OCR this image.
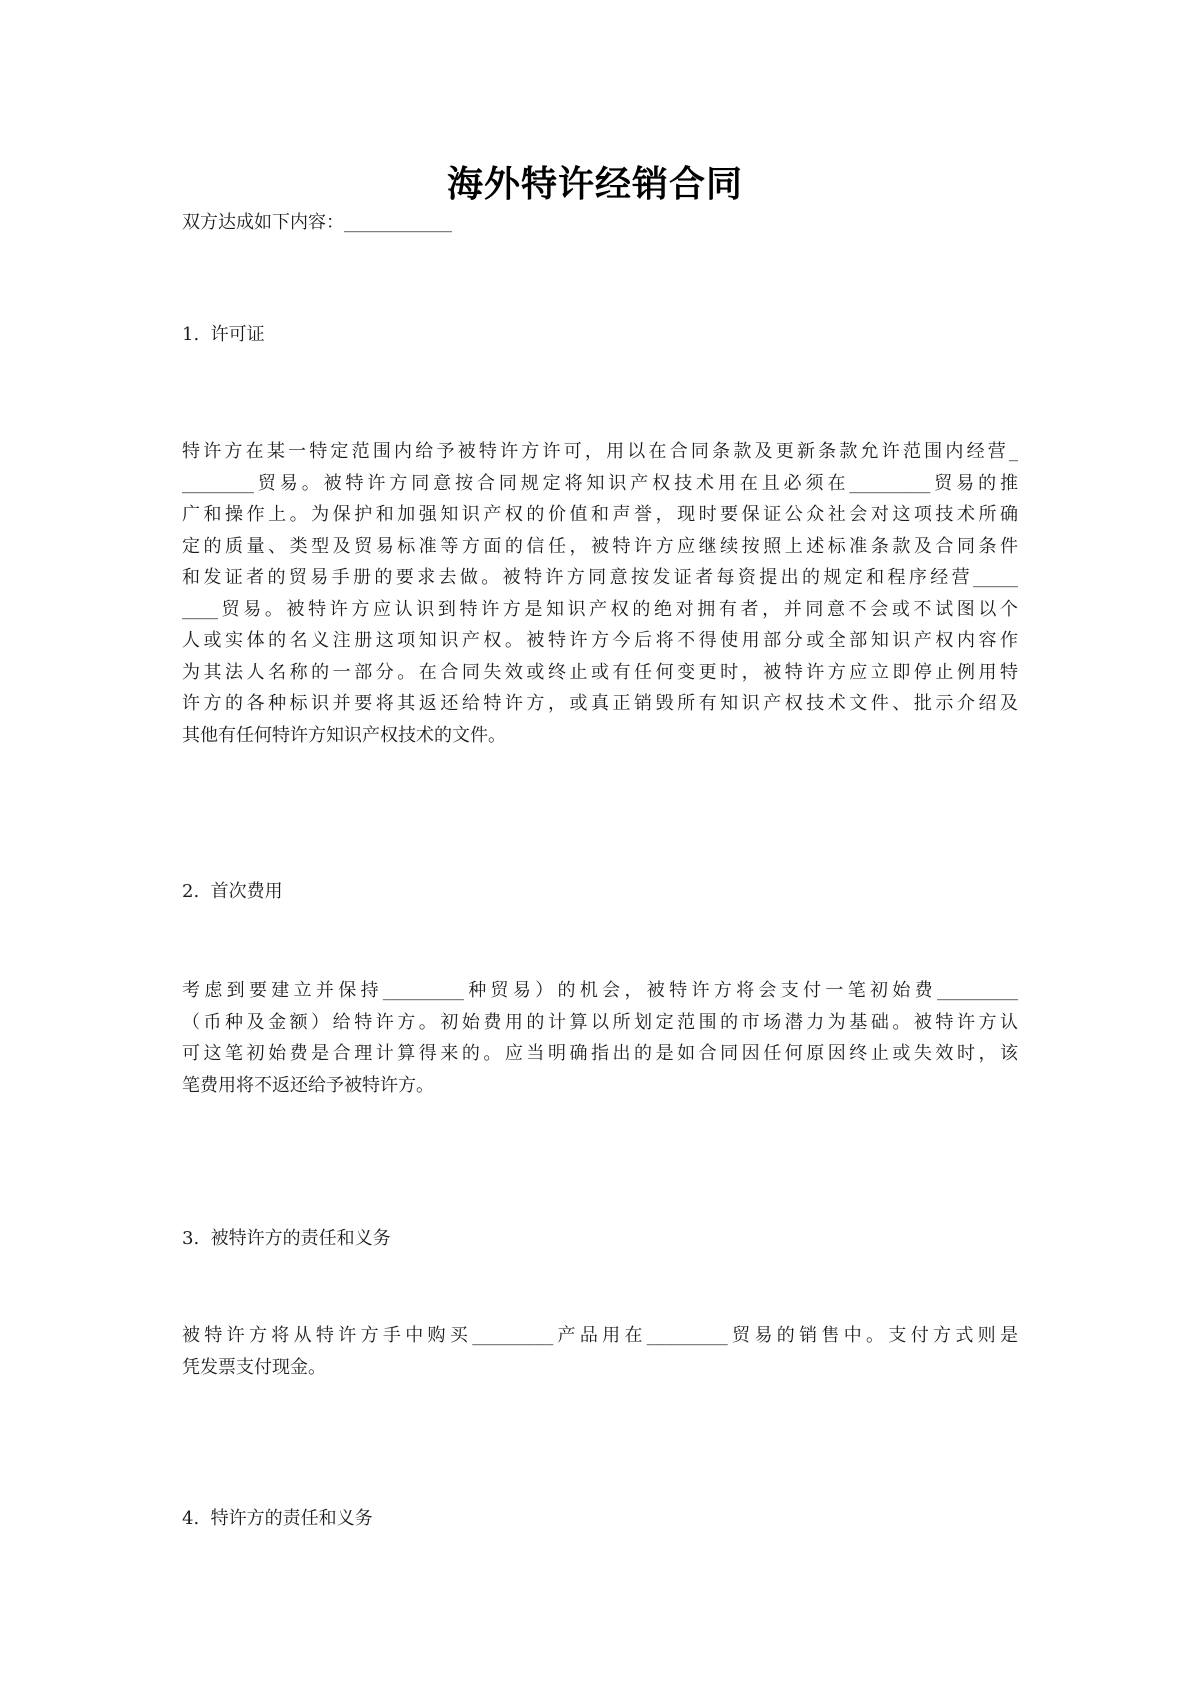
海外特许经销合同
双方达成如下内容：____________
1. 许可证
特许方在某一特定范围内给予被特许方许可，用以在合同条款及更新条款允许范围内经营_
________贸易。被特许方同意按合同规定将知识产权技术用在且必须在_________贸易的推
广和操作上。为保护和加强知识产权的价值和声誉，现时要保证公众社会对这项技术所确
定的质量、类型及贸易标准等方面的信任，被特许方应继续按照上述标准条款及合同条件
和发证者的贸易手册的要求去做。被特许方同意按发证者每资提出的规定和程序经营_____
____贸易。被特许方应认识到特许方是知识产权的绝对拥有者，并同意不会或不试图以个
人或实体的名义注册这项知识产权。被特许方今后将不得使用部分或全部知识产权内容作
为其法人名称的一部分。在合同失效或终止或有任何变更时，被特许方应立即停止例用特
许方的各种标识并要将其返还给特许方，或真正销毁所有知识产权技术文件、批示介绍及
其他有任何特许方知识产权技术的文件。
2. 首次费用
考虑到要建立并保持_________种贸易）的机会，被特许方将会支付一笔初始费_________
（币种及金额）给特许方。初始费用的计算以所划定范围的市场潜力为基础。被特许方认
可这笔初始费是合理计算得来的。应当明确指出的是如合同因任何原因终止或失效时，该
笔费用将不返还给予被特许方。
3. 被特许方的责任和义务
被特许方将从特许方手中购买_________产品用在_________贸易的销售中。支付方式则是
凭发票支付现金。
4. 特许方的责任和义务
